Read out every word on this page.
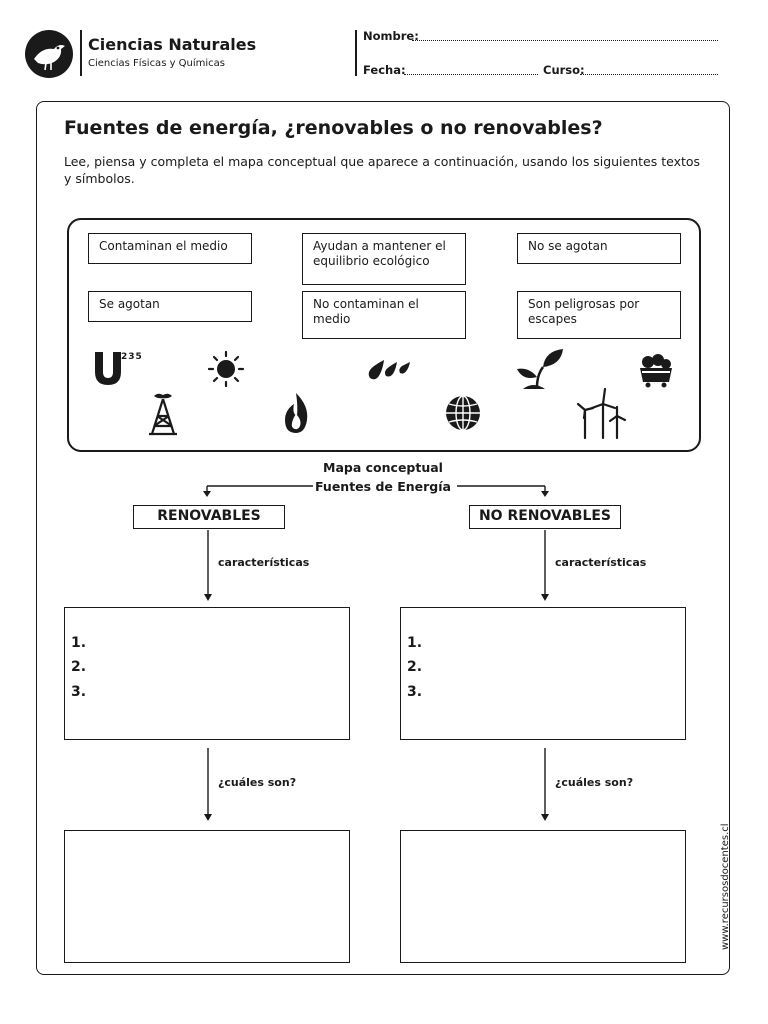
Ciencias Naturales
Ciencias Físicas y Químicas
Nombre:
Fecha:	Curso:
Fuentes de energía, ¿renovables o no renovables?
Lee, piensa y completa el mapa conceptual que aparece a continuación, usando los siguientes textos y símbolos.
Contaminan el medio	Ayudan a mantener el equilibrio ecológico
No se agotan
Se agotan	No contaminan el medio
Son peligrosas por escapes
235
Mapa conceptual
Fuentes de Energía
RENOVABLES
características
1.
2.
3.
¿cuáles son?
NO RENOVABLES
características
1.
2.
3.
¿cuáles son?
www.recursosdocentes.cl
